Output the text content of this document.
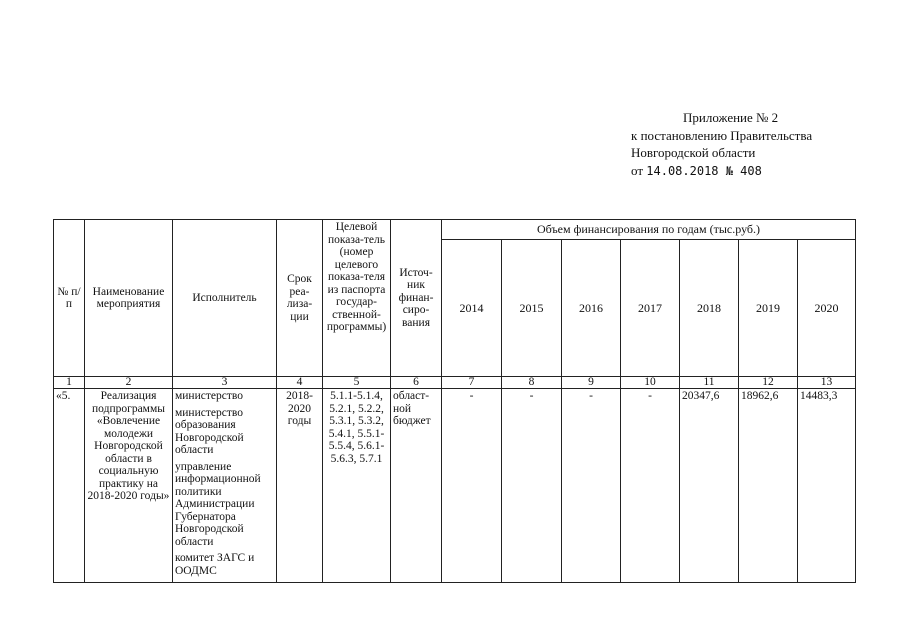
Приложение № 2
к постановлению Правительства
Новгородской области
от 14.08.2018 № 408
№ п/п	Наименование мероприятия	Исполнитель	Срок реа-лиза-ции	Целевой показа-тель (номер целевого показа-теля из паспорта государ-ственной-программы)	Источ-ник финан-сиро-вания	Объем финансирования по годам (тыс.руб.)						
						2014	2015	2016	2017	2018	2019	2020
1	2	3	4	5	6	7	8	9	10	11	12	13
«5.	Реализация подпрограммы «Вовлечение молодежи Новгородской области в социальную практику на 2018-2020 годы»	министерство
министерство образования Новгородской области
управление информационной политики Администрации Губернатора Новгородской области
комитет ЗАГС и ООДМС	2018-2020 годы	5.1.1-5.1.4, 5.2.1, 5.2.2, 5.3.1, 5.3.2, 5.4.1, 5.5.1-5.5.4, 5.6.1-5.6.3, 5.7.1	област-ной бюджет	-	-	-	-	20347,6	18962,6	14483,3
